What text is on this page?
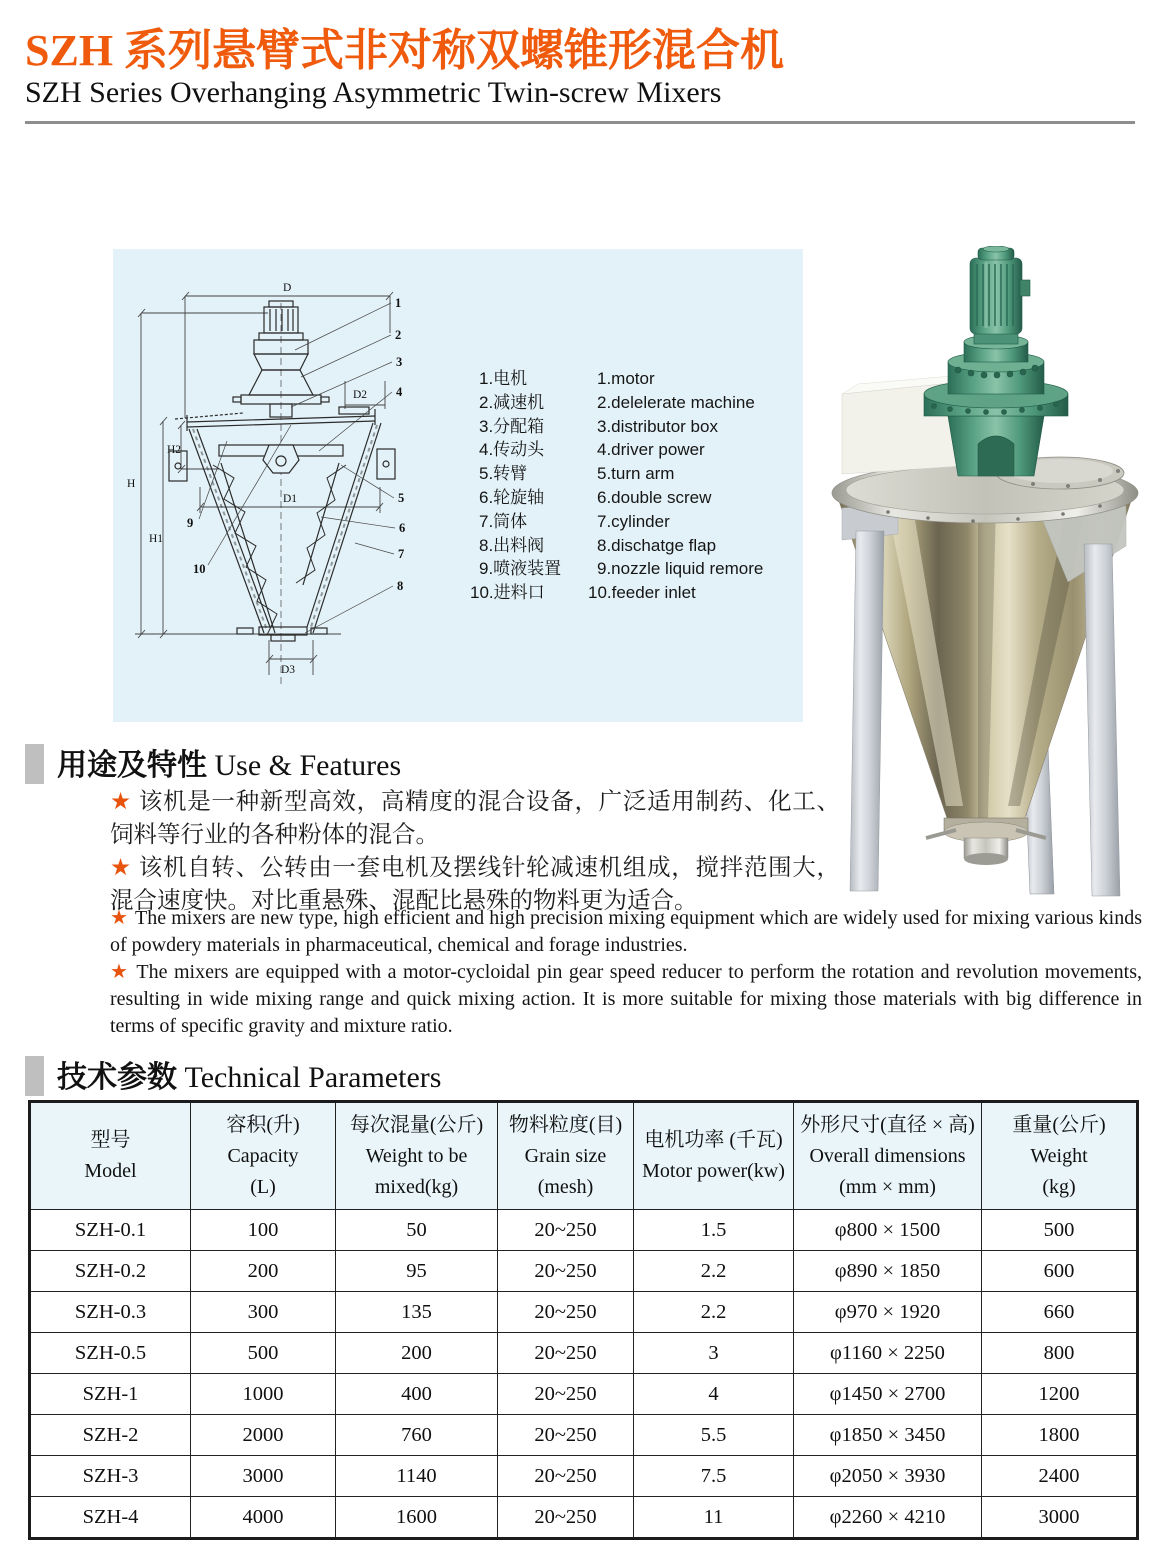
SZH 系列悬臂式非对称双螺锥形混合机
SZH Series Overhanging Asymmetric Twin-screw Mixers
D
H
H1
H2
D1
D2
D3
1
2
3
4
5
6
7
8
9
10
1.电机	1.motor
2.减速机	2.delelerate machine
3.分配箱	3.distributor box
4.传动头	4.driver power
5.转臂	5.turn arm
6.轮旋轴	6.double screw
7.筒体	7.cylinder
8.出料阀	8.dischatge flap
9.喷液装置	9.nozzle liquid remore
10.进料口	10.feeder inlet
用途及特性 Use & Features

★ 该机是一种新型高效，高精度的混合设备，广泛适用制药、化工、饲料等行业的各种粉体的混合。

★ 该机自转、公转由一套电机及摆线针轮减速机组成，搅拌范围大，混合速度快。对比重悬殊、混配比悬殊的物料更为适合。

★ The mixers are new type, high efficient and high precision mixing equipment which are widely used for mixing various kinds of powdery materials in pharmaceutical, chemical and forage industries.

★ The mixers are equipped with a motor-cycloidal pin gear speed reducer to perform the rotation and revolution movements, resulting in wide mixing range and quick mixing action. It is more suitable for mixing those materials with big difference in terms of specific gravity and mixture ratio.

技术参数 Technical Parameters
型号
Model

容积(升)
Capacity
(L)

每次混量(公斤)
Weight to be
mixed(kg)

物料粒度(目)
Grain size
(mesh)

电机功率 (千瓦)
Motor power(kw)

外形尺寸(直径 × 高)
Overall dimensions
(mm × mm)

重量(公斤)
Weight
(kg)

SZH-0.1	100	50	20~250	1.5	φ800 × 1500	500
SZH-0.2	200	95	20~250	2.2	φ890 × 1850	600
SZH-0.3	300	135	20~250	2.2	φ970 × 1920	660
SZH-0.5	500	200	20~250	3	φ1160 × 2250	800
SZH-1	1000	400	20~250	4	φ1450 × 2700	1200
SZH-2	2000	760	20~250	5.5	φ1850 × 3450	1800
SZH-3	3000	1140	20~250	7.5	φ2050 × 3930	2400
SZH-4	4000	1600	20~250	11	φ2260 × 4210	3000
